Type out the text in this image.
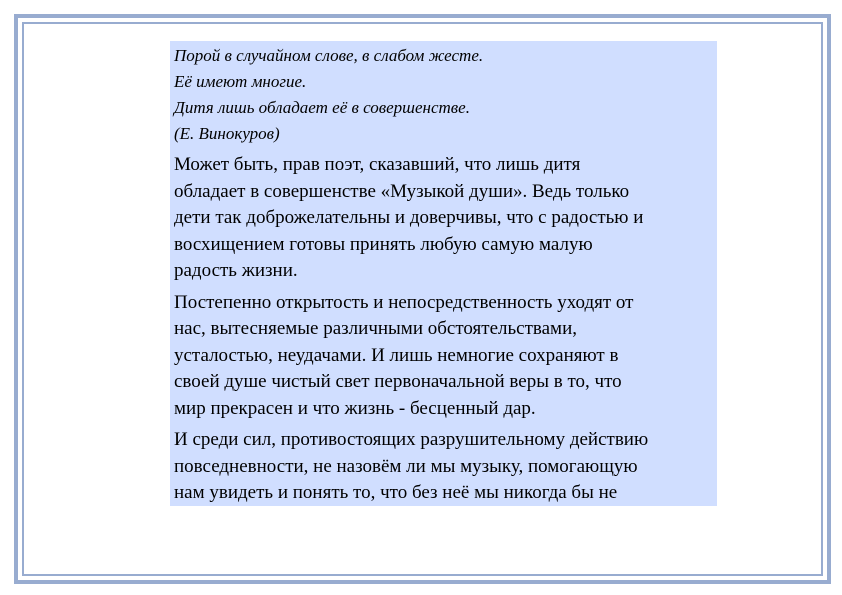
Порой в случайном слове, в слабом жесте.
Её имеют многие.
Дитя лишь обладает её в совершенстве.
(Е. Винокуров)
Может быть, прав поэт, сказавший, что лишь дитя
обладает в совершенстве «Музыкой души». Ведь только
дети так доброжелательны и доверчивы, что с радостью и
восхищением готовы принять любую самую малую
радость жизни.
Постепенно открытость и непосредственность уходят от
нас, вытесняемые различными обстоятельствами,
усталостью, неудачами. И лишь немногие сохраняют в
своей душе чистый свет первоначальной веры в то, что
мир прекрасен и что жизнь - бесценный дар.
И среди сил, противостоящих разрушительному действию
повседневности, не назовём ли мы музыку, помогающую
нам увидеть и понять то, что без неё мы никогда бы не
